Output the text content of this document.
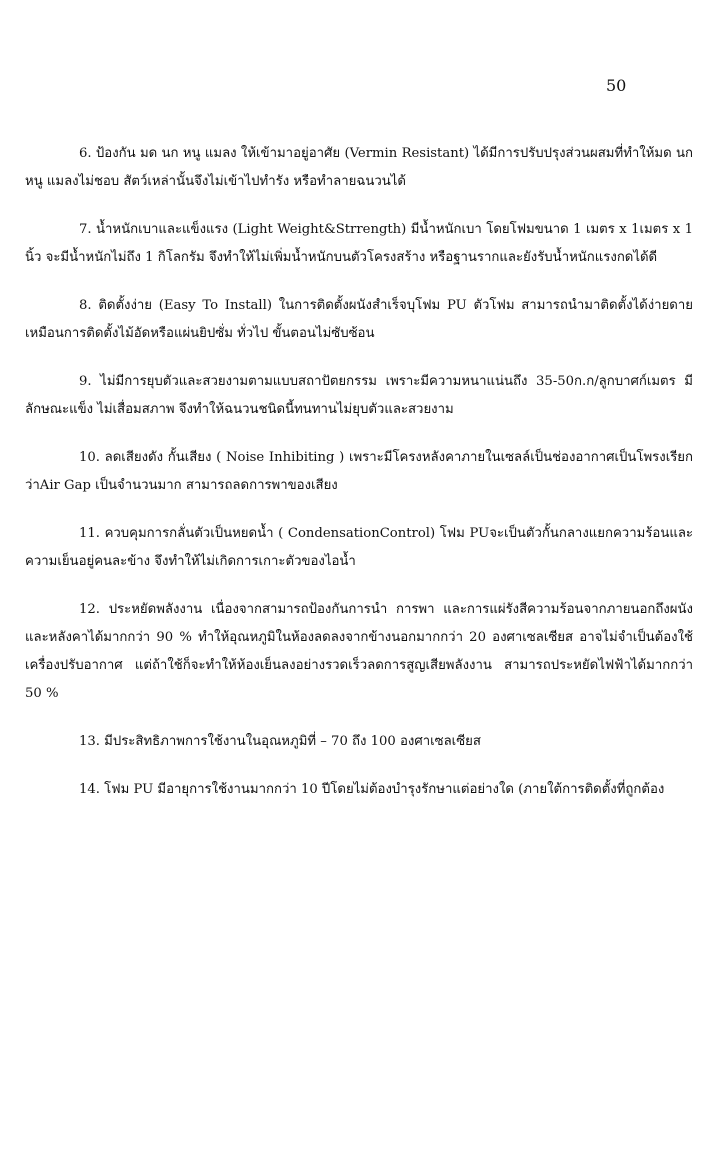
50

6. ป้องกัน มด นก หนู แมลง ให้เข้ามาอยู่อาศัย (Vermin Resistant) ได้มีการปรับปรุงส่วนผสมที่ทำให้มด นก หนู แมลงไม่ชอบ สัตว์เหล่านั้นจึงไม่เข้าไปทำรัง หรือทำลายฉนวนได้

7. น้ำหนักเบาและแข็งแรง (Light Weight&Strrength) มีน้ำหนักเบา โดยโฟมขนาด 1 เมตร x 1เมตร x 1 นิ้ว จะมีน้ำหนักไม่ถึง 1 กิโลกรัม จึงทำให้ไม่เพิ่มน้ำหนักบนตัวโครงสร้าง หรือฐานรากและยังรับน้ำหนักแรงกดได้ดี

8. ติดตั้งง่าย (Easy To Install) ในการติดตั้งผนังสำเร็จบุโฟม PU ตัวโฟม สามารถนำมาติดตั้งได้ง่ายดาย เหมือนการติดตั้งไม้อัดหรือแผ่นยิปซั่ม ทั่วไป ขั้นตอนไม่ซับซ้อน

9. ไม่มีการยุบตัวและสวยงามตามแบบสถาปัตยกรรม เพราะมีความหนาแน่นถึง 35-50ก.ก/ลูกบาศก์เมตร มีลักษณะแข็ง ไม่เสื่อมสภาพ จึงทำให้ฉนวนชนิดนี้ทนทานไม่ยุบตัวและสวยงาม

10. ลดเสียงดัง กั้นเสียง ( Noise Inhibiting ) เพราะมีโครงหลังคาภายในเซลล์เป็นช่องอากาศเป็นโพรงเรียกว่าAir Gap เป็นจำนวนมาก สามารถลดการพาของเสียง

11. ควบคุมการกลั่นตัวเป็นหยดน้ำ ( CondensationControl) โฟม PUจะเป็นตัวกั้นกลางแยกความร้อนและความเย็นอยู่คนละข้าง จึงทำให้ไม่เกิดการเกาะตัวของไอน้ำ

12. ประหยัดพลังงาน เนื่องจากสามารถป้องกันการนำ การพา และการแผ่รังสีความร้อนจากภายนอกถึงผนังและหลังคาได้มากกว่า 90 % ทำให้อุณหภูมิในห้องลดลงจากข้างนอกมากกว่า 20 องศาเซลเซียส อาจไม่จำเป็นต้องใช้เครื่องปรับอากาศ แต่ถ้าใช้ก็จะทำให้ห้องเย็นลงอย่างรวดเร็วลดการสูญเสียพลังงาน สามารถประหยัดไฟฟ้าได้มากกว่า 50 %

13. มีประสิทธิภาพการใช้งานในอุณหภูมิที่ – 70 ถึง 100 องศาเซลเซียส

14. โฟม PU มีอายุการใช้งานมากกว่า 10 ปีโดยไม่ต้องบำรุงรักษาแต่อย่างใด (ภายใต้การติดตั้งที่ถูกต้อง
